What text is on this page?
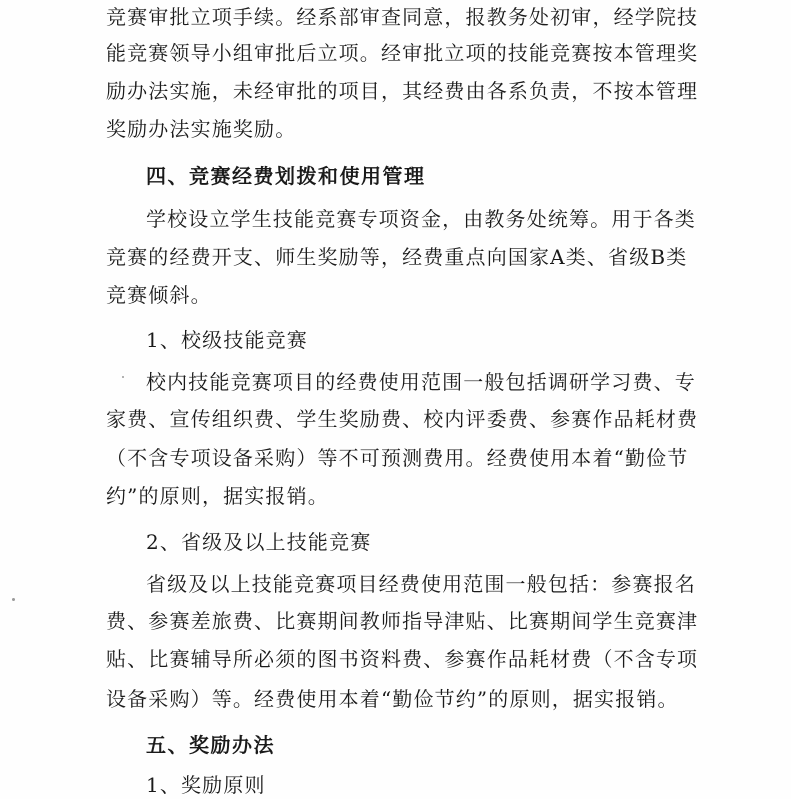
竞赛审批立项手续。经系部审查同意，报教务处初审，经学院技
能竞赛领导小组审批后立项。经审批立项的技能竞赛按本管理奖
励办法实施，未经审批的项目，其经费由各系负责，不按本管理
奖励办法实施奖励。
四、竞赛经费划拨和使用管理
学校设立学生技能竞赛专项资金，由教务处统筹。用于各类
竞赛的经费开支、师生奖励等，经费重点向国家A类、省级B类
竞赛倾斜。
1、校级技能竞赛
校内技能竞赛项目的经费使用范围一般包括调研学习费、专
家费、宣传组织费、学生奖励费、校内评委费、参赛作品耗材费
（不含专项设备采购）等不可预测费用。经费使用本着“勤俭节
约”的原则，据实报销。
2、省级及以上技能竞赛
省级及以上技能竞赛项目经费使用范围一般包括：参赛报名
费、参赛差旅费、比赛期间教师指导津贴、比赛期间学生竞赛津
贴、比赛辅导所必须的图书资料费、参赛作品耗材费（不含专项
设备采购）等。经费使用本着“勤俭节约”的原则，据实报销。
五、奖励办法
1、奖励原则
